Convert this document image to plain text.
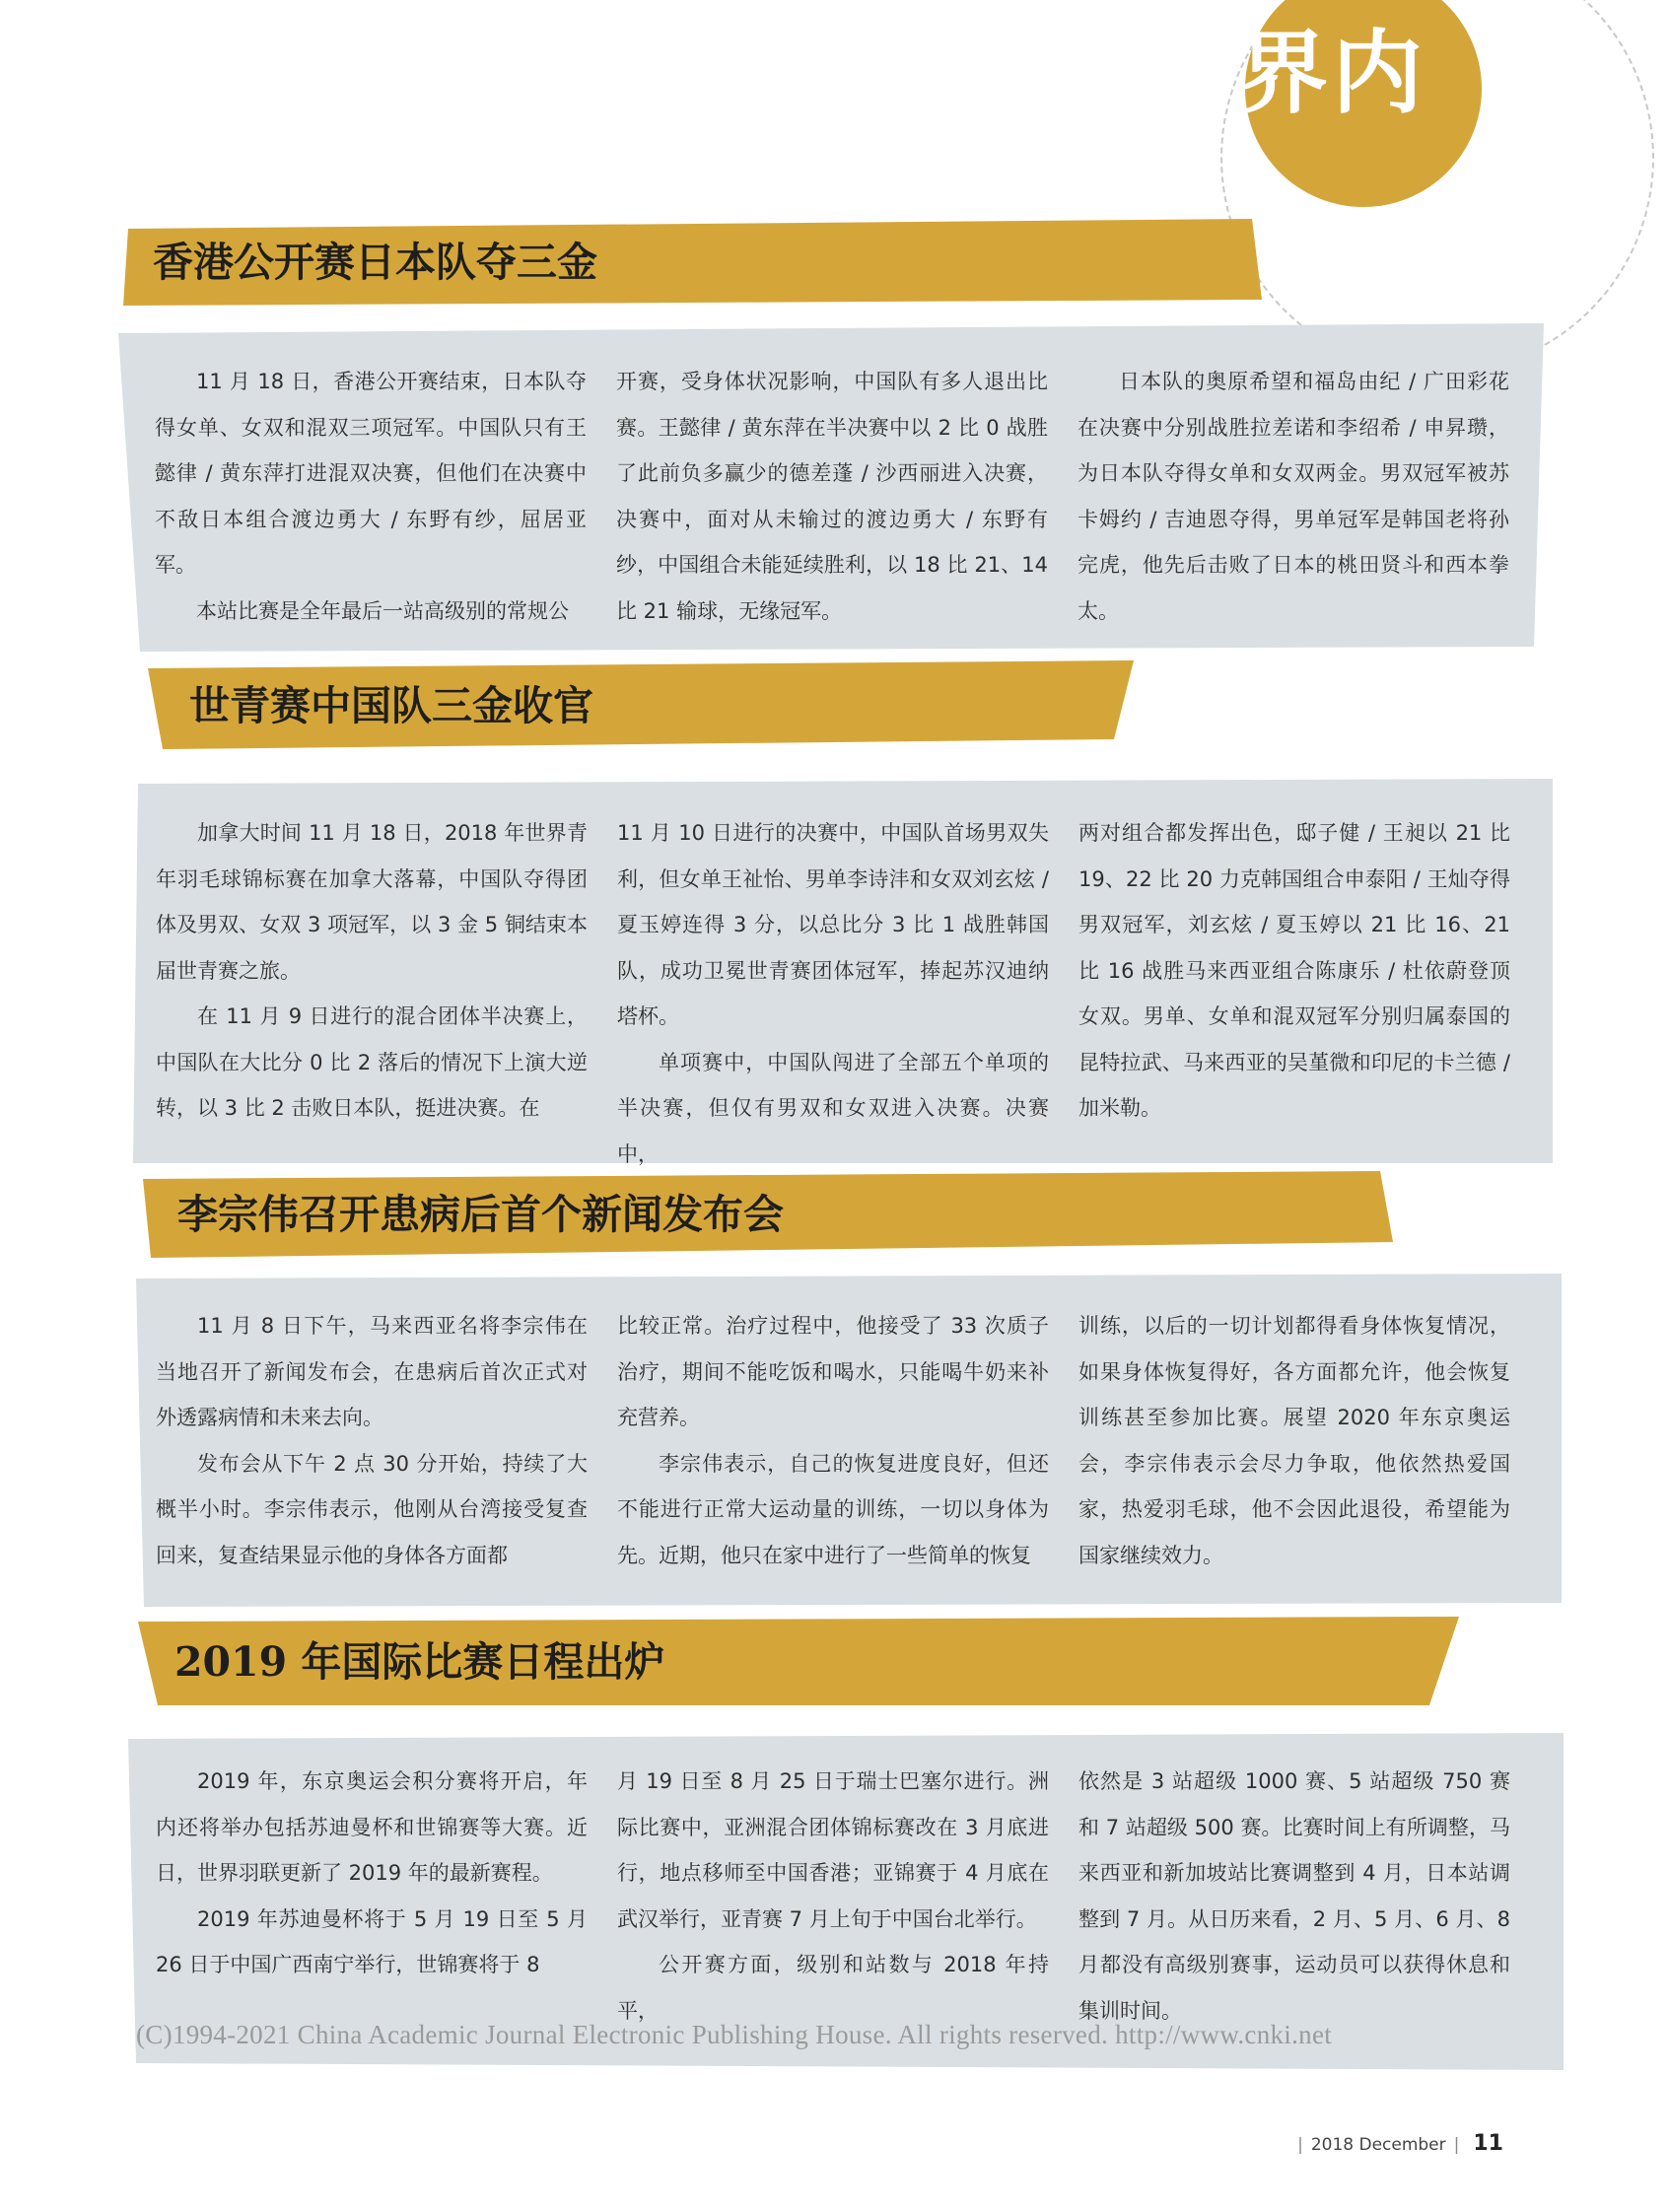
界内
香港公开赛日本队夺三金

11 月 18 日，香港公开赛结束，日本队夺得女单、女双和混双三项冠军。中国队只有王懿律 / 黄东萍打进混双决赛，但他们在决赛中不敌日本组合渡边勇大 / 东野有纱，屈居亚军。

本站比赛是全年最后一站高级别的常规公

开赛，受身体状况影响，中国队有多人退出比赛。王懿律 / 黄东萍在半决赛中以 2 比 0 战胜了此前负多赢少的德差蓬 / 沙西丽进入决赛，决赛中，面对从未输过的渡边勇大 / 东野有纱，中国组合未能延续胜利，以 18 比 21、14 比 21 输球，无缘冠军。

日本队的奥原希望和福岛由纪 / 广田彩花在决赛中分别战胜拉差诺和李绍希 / 申昇瓒，为日本队夺得女单和女双两金。男双冠军被苏卡姆约 / 吉迪恩夺得，男单冠军是韩国老将孙完虎，他先后击败了日本的桃田贤斗和西本拳太。

世青赛中国队三金收官

加拿大时间 11 月 18 日，2018 年世界青年羽毛球锦标赛在加拿大落幕，中国队夺得团体及男双、女双 3 项冠军，以 3 金 5 铜结束本届世青赛之旅。

在 11 月 9 日进行的混合团体半决赛上，中国队在大比分 0 比 2 落后的情况下上演大逆转，以 3 比 2 击败日本队，挺进决赛。在

11 月 10 日进行的决赛中，中国队首场男双失利，但女单王祉怡、男单李诗沣和女双刘玄炫 / 夏玉婷连得 3 分，以总比分 3 比 1 战胜韩国队，成功卫冕世青赛团体冠军，捧起苏汉迪纳塔杯。

单项赛中，中国队闯进了全部五个单项的半决赛，但仅有男双和女双进入决赛。决赛中，

两对组合都发挥出色，邸子健 / 王昶以 21 比 19、22 比 20 力克韩国组合申泰阳 / 王灿夺得男双冠军，刘玄炫 / 夏玉婷以 21 比 16、21 比 16 战胜马来西亚组合陈康乐 / 杜依蔚登顶女双。男单、女单和混双冠军分别归属泰国的昆特拉武、马来西亚的吴堇微和印尼的卡兰德 / 加米勒。

李宗伟召开患病后首个新闻发布会

11 月 8 日下午，马来西亚名将李宗伟在当地召开了新闻发布会，在患病后首次正式对外透露病情和未来去向。

发布会从下午 2 点 30 分开始，持续了大概半小时。李宗伟表示，他刚从台湾接受复查回来，复查结果显示他的身体各方面都

比较正常。治疗过程中，他接受了 33 次质子治疗，期间不能吃饭和喝水，只能喝牛奶来补充营养。

李宗伟表示，自己的恢复进度良好，但还不能进行正常大运动量的训练，一切以身体为先。近期，他只在家中进行了一些简单的恢复

训练，以后的一切计划都得看身体恢复情况，如果身体恢复得好，各方面都允许，他会恢复训练甚至参加比赛。展望 2020 年东京奥运会，李宗伟表示会尽力争取，他依然热爱国家，热爱羽毛球，他不会因此退役，希望能为国家继续效力。

2019 年国际比赛日程出炉

2019 年，东京奥运会积分赛将开启，年内还将举办包括苏迪曼杯和世锦赛等大赛。近日，世界羽联更新了 2019 年的最新赛程。

2019 年苏迪曼杯将于 5 月 19 日至 5 月 26 日于中国广西南宁举行，世锦赛将于 8

月 19 日至 8 月 25 日于瑞士巴塞尔进行。洲际比赛中，亚洲混合团体锦标赛改在 3 月底进行，地点移师至中国香港；亚锦赛于 4 月底在武汉举行，亚青赛 7 月上旬于中国台北举行。

公开赛方面，级别和站数与 2018 年持平，

依然是 3 站超级 1000 赛、5 站超级 750 赛和 7 站超级 500 赛。比赛时间上有所调整，马来西亚和新加坡站比赛调整到 4 月，日本站调整到 7 月。从日历来看，2 月、5 月、6 月、8 月都没有高级别赛事，运动员可以获得休息和集训时间。

(C)1994-2021 China Academic Journal Electronic Publishing House. All rights reserved. http://www.cnki.net
| 2018 December | 11
